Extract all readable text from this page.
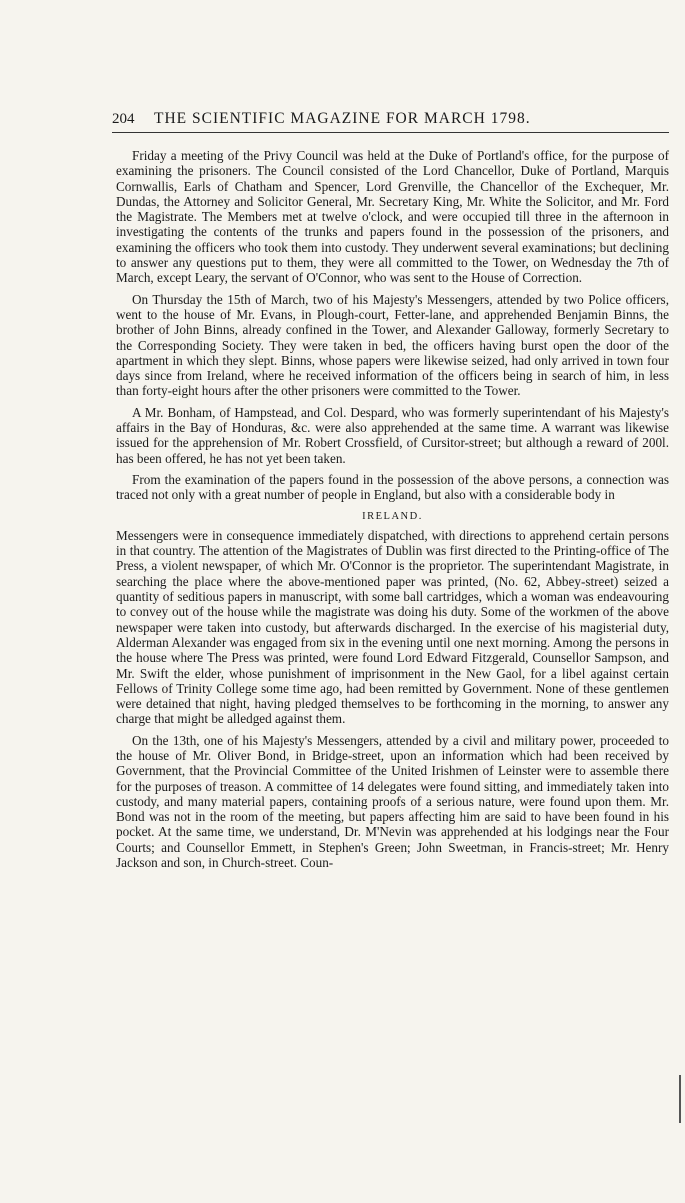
204	THE SCIENTIFIC MAGAZINE FOR MARCH 1798.

Friday a meeting of the Privy Council was held at the Duke of Portland's office, for the purpose of examining the prisoners. The Council consisted of the Lord Chancellor, Duke of Portland, Marquis Cornwallis, Earls of Chatham and Spencer, Lord Grenville, the Chancellor of the Exchequer, Mr. Dundas, the Attorney and Solicitor General, Mr. Secretary King, Mr. White the Solicitor, and Mr. Ford the Magistrate. The Members met at twelve o'clock, and were occupied till three in the afternoon in investigating the contents of the trunks and papers found in the possession of the prisoners, and examining the officers who took them into custody. They underwent several examinations; but declining to answer any questions put to them, they were all committed to the Tower, on Wednesday the 7th of March, except Leary, the servant of O'Connor, who was sent to the House of Correction.

On Thursday the 15th of March, two of his Majesty's Messengers, attended by two Police officers, went to the house of Mr. Evans, in Plough-court, Fetter-lane, and apprehended Benjamin Binns, the brother of John Binns, already confined in the Tower, and Alexander Galloway, formerly Secretary to the Corresponding Society. They were taken in bed, the officers having burst open the door of the apartment in which they slept. Binns, whose papers were likewise seized, had only arrived in town four days since from Ireland, where he received information of the officers being in search of him, in less than forty-eight hours after the other prisoners were committed to the Tower.

A Mr. Bonham, of Hampstead, and Col. Despard, who was formerly superintendant of his Majesty's affairs in the Bay of Honduras, &c. were also apprehended at the same time. A warrant was likewise issued for the apprehension of Mr. Robert Crossfield, of Cursitor-street; but although a reward of 200l. has been offered, he has not yet been taken.

From the examination of the papers found in the possession of the above persons, a connection was traced not only with a great number of people in England, but also with a considerable body in

IRELAND.

Messengers were in consequence immediately dispatched, with directions to apprehend certain persons in that country. The attention of the Magistrates of Dublin was first directed to the Printing-office of The Press, a violent newspaper, of which Mr. O'Connor is the proprietor. The superintendant Magistrate, in searching the place where the above-mentioned paper was printed, (No. 62, Abbey-street) seized a quantity of seditious papers in manuscript, with some ball cartridges, which a woman was endeavouring to convey out of the house while the magistrate was doing his duty. Some of the workmen of the above newspaper were taken into custody, but afterwards discharged. In the exercise of his magisterial duty, Alderman Alexander was engaged from six in the evening until one next morning. Among the persons in the house where The Press was printed, were found Lord Edward Fitzgerald, Counsellor Sampson, and Mr. Swift the elder, whose punishment of imprisonment in the New Gaol, for a libel against certain Fellows of Trinity College some time ago, had been remitted by Government. None of these gentlemen were detained that night, having pledged themselves to be forthcoming in the morning, to answer any charge that might be alledged against them.

On the 13th, one of his Majesty's Messengers, attended by a civil and military power, proceeded to the house of Mr. Oliver Bond, in Bridge-street, upon an information which had been received by Government, that the Provincial Committee of the United Irishmen of Leinster were to assemble there for the purposes of treason. A committee of 14 delegates were found sitting, and immediately taken into custody, and many material papers, containing proofs of a serious nature, were found upon them. Mr. Bond was not in the room of the meeting, but papers affecting him are said to have been found in his pocket. At the same time, we understand, Dr. M'Nevin was apprehended at his lodgings near the Four Courts; and Counsellor Emmett, in Stephen's Green; John Sweetman, in Francis-street; Mr. Henry Jackson and son, in Church-street. Coun-
